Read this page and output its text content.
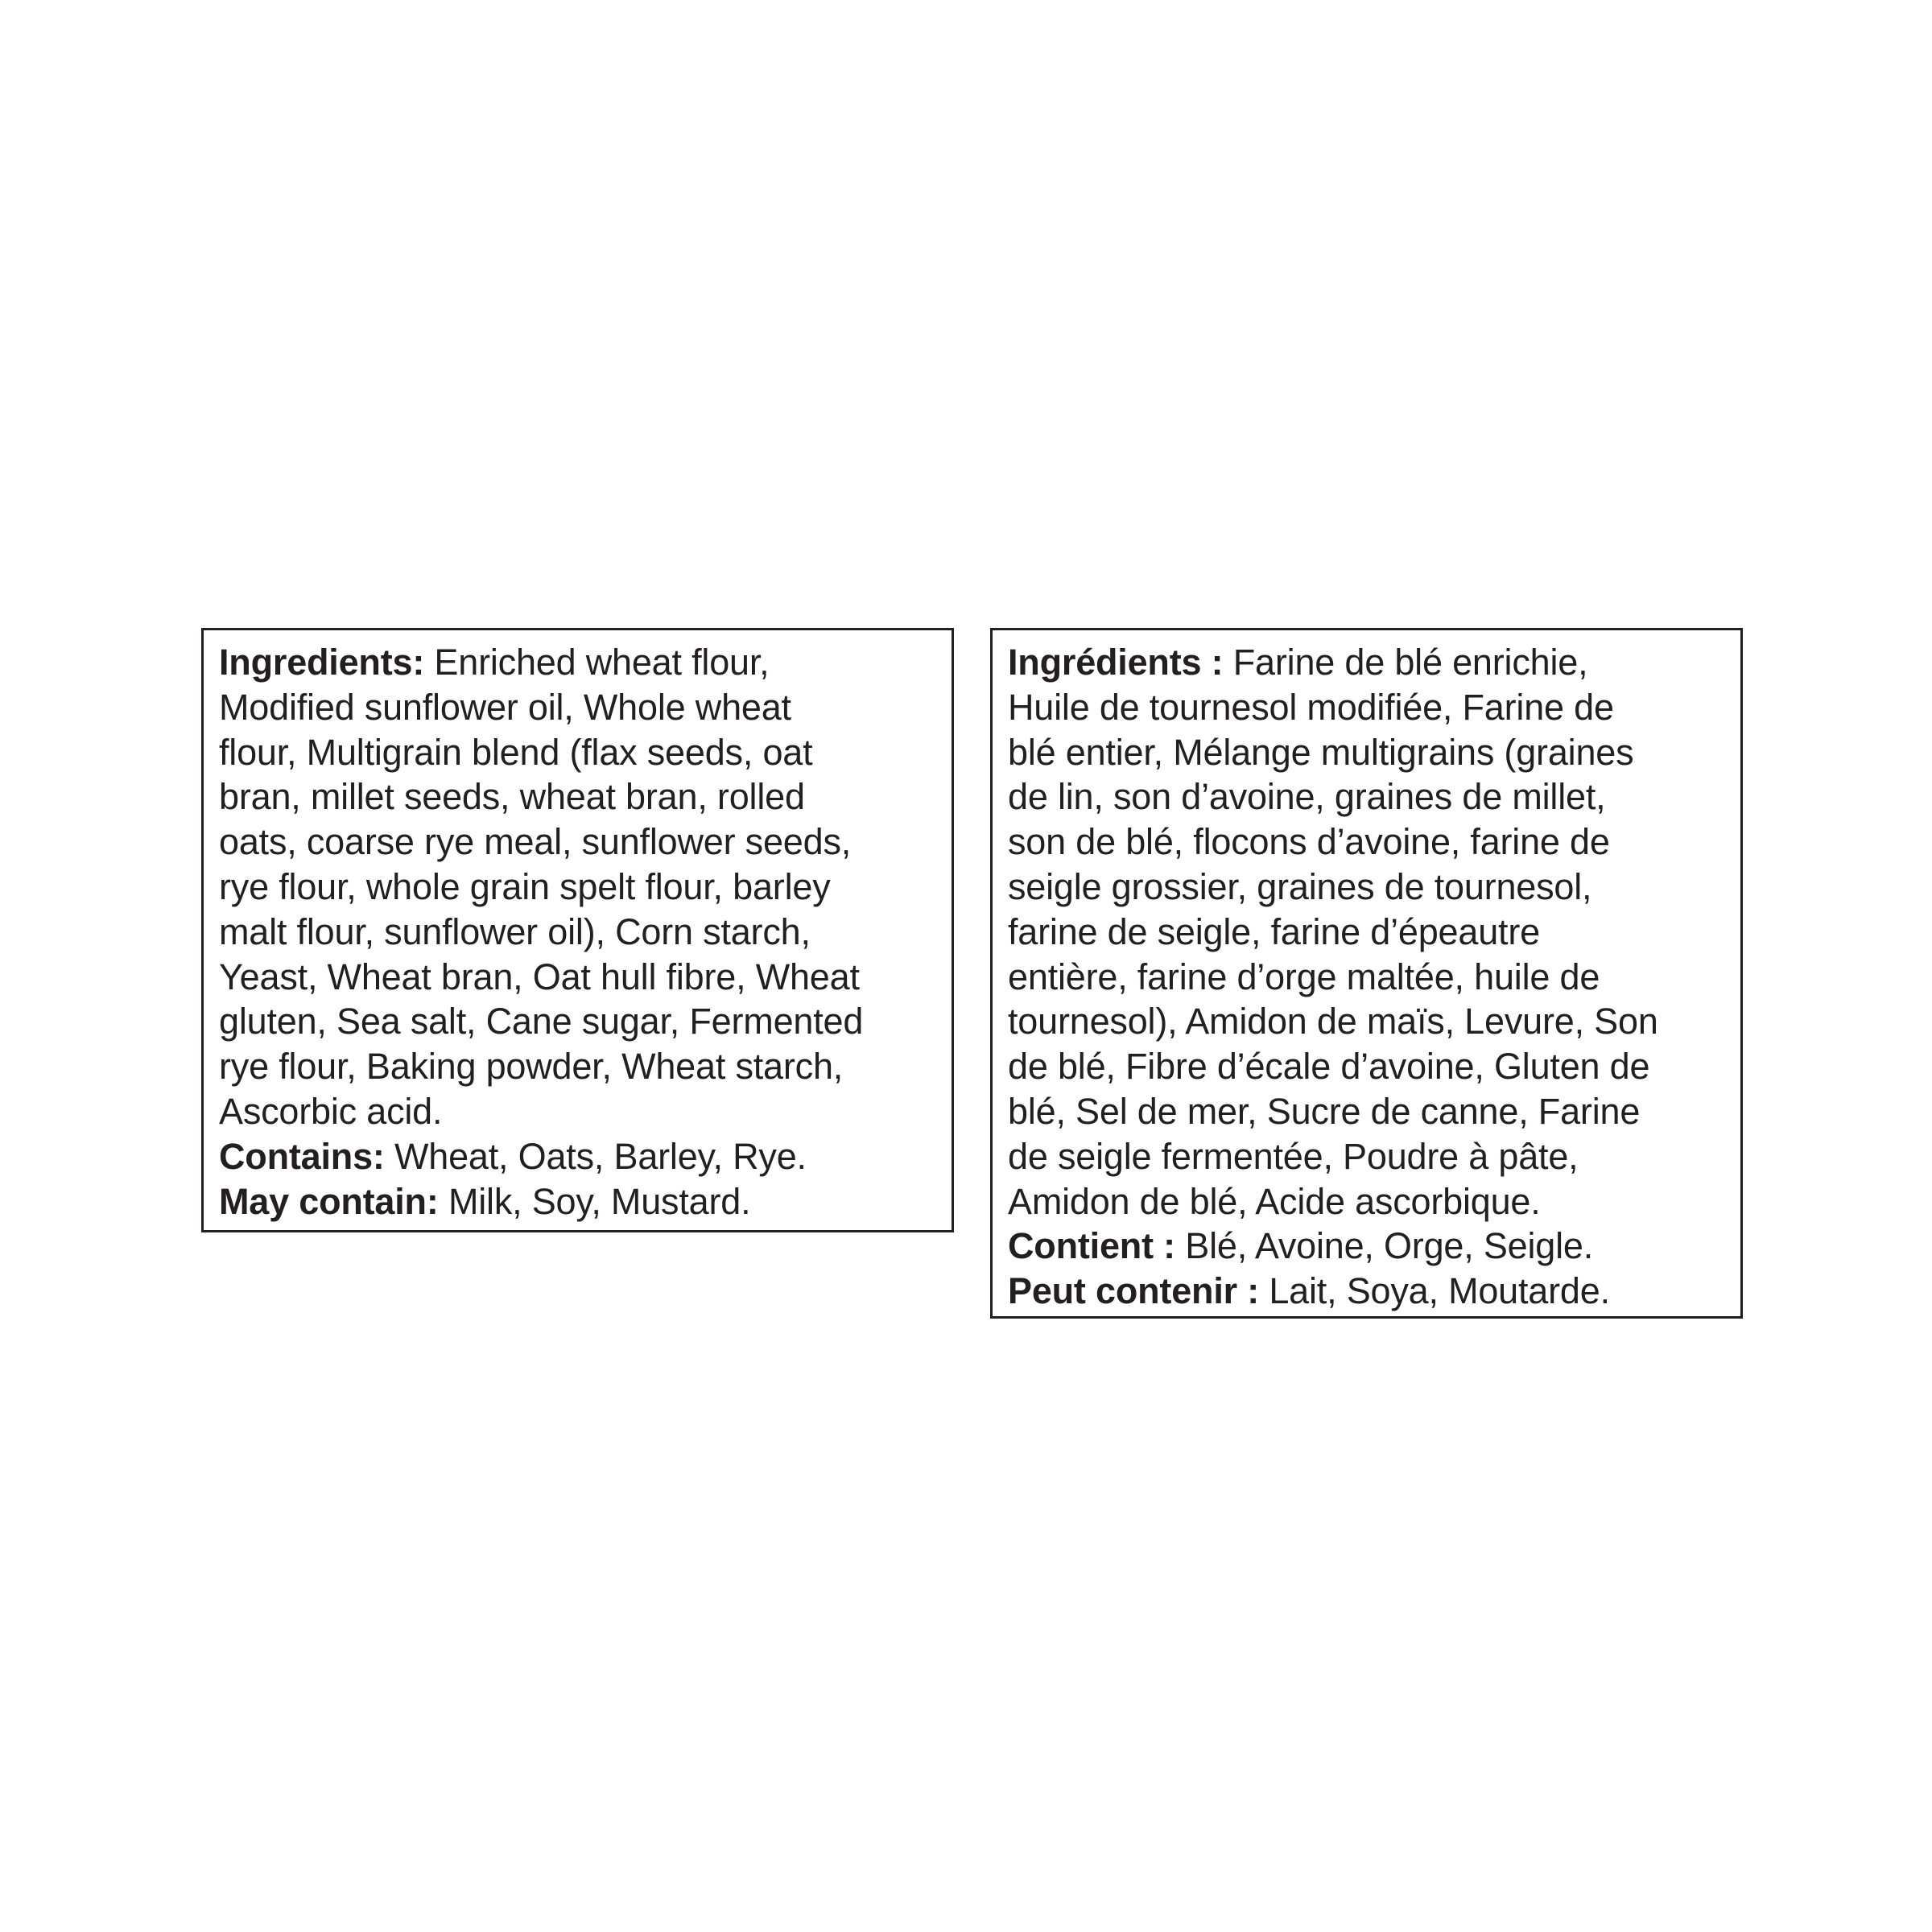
Ingredients: Enriched wheat flour,
Modified sunflower oil, Whole wheat
flour, Multigrain blend (flax seeds, oat
bran, millet seeds, wheat bran, rolled
oats, coarse rye meal, sunflower seeds,
rye flour, whole grain spelt flour, barley
malt flour, sunflower oil), Corn starch,
Yeast, Wheat bran, Oat hull fibre, Wheat
gluten, Sea salt, Cane sugar, Fermented
rye flour, Baking powder, Wheat starch,
Ascorbic acid.
Contains: Wheat, Oats, Barley, Rye.
May contain: Milk, Soy, Mustard.
Ingrédients : Farine de blé enrichie,
Huile de tournesol modifiée, Farine de
blé entier, Mélange multigrains (graines
de lin, son d’avoine, graines de millet,
son de blé, flocons d’avoine, farine de
seigle grossier, graines de tournesol,
farine de seigle, farine d’épeautre
entière, farine d’orge maltée, huile de
tournesol), Amidon de maïs, Levure, Son
de blé, Fibre d’écale d’avoine, Gluten de
blé, Sel de mer, Sucre de canne, Farine
de seigle fermentée, Poudre à pâte,
Amidon de blé, Acide ascorbique.
Contient : Blé, Avoine, Orge, Seigle.
Peut contenir : Lait, Soya, Moutarde.
